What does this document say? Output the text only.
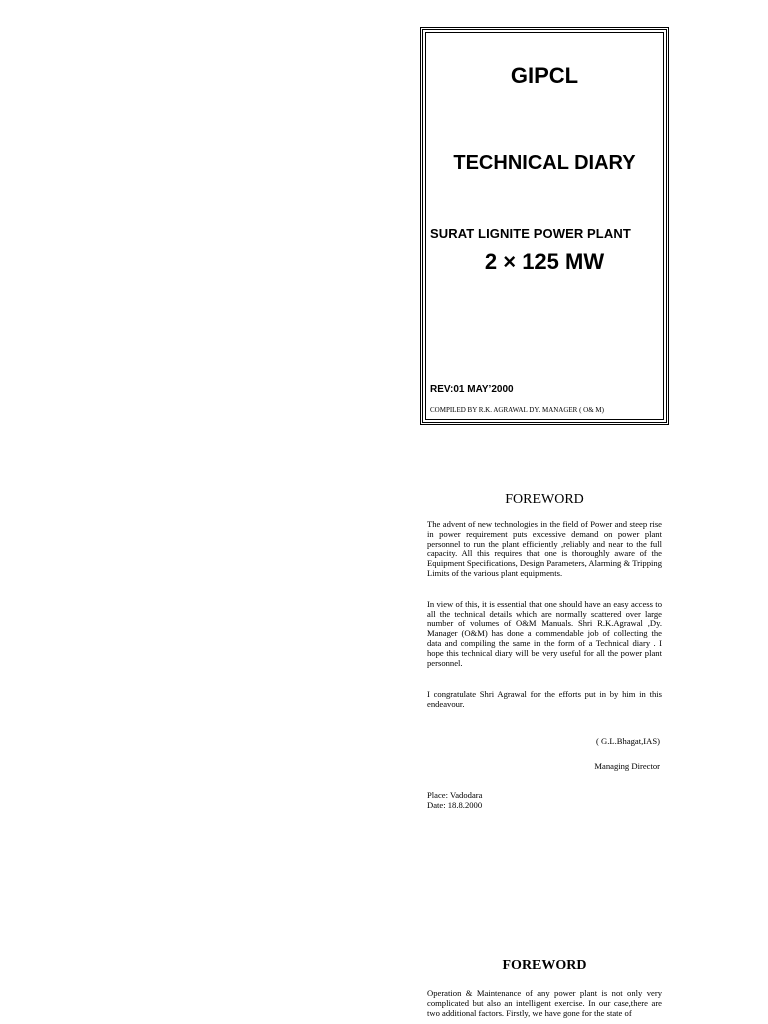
GIPCL
TECHNICAL DIARY
SURAT LIGNITE POWER PLANT
2 × 125 MW
REV:01 MAY’2000
COMPILED BY R.K. AGRAWAL DY. MANAGER ( O& M)
FOREWORD

The advent of new technologies in the field of Power and steep rise in power requirement puts excessive demand on power plant personnel to run the plant efficiently ,reliably and near to the full capacity. All this requires that one is thoroughly aware of the Equipment Specifications, Design Parameters, Alarming & Tripping Limits of the various plant equipments.

In view of this, it is essential that one should have an easy access to all the technical details which are normally scattered over large number of volumes of O&M Manuals. Shri R.K.Agrawal ,Dy. Manager (O&M) has done a commendable job of collecting the data and compiling the same in the form of a Technical diary . I hope this technical diary will be very useful for all the power plant personnel.

I congratulate Shri Agrawal for the efforts put in by him in this endeavour.

( G.L.Bhagat,IAS)
Managing Director
Place: Vadodara
Date: 18.8.2000
FOREWORD

Operation & Maintenance of any power plant is not only very complicated but also an intelligent exercise. In our case,there are two additional factors. Firstly, we have gone for the state of
